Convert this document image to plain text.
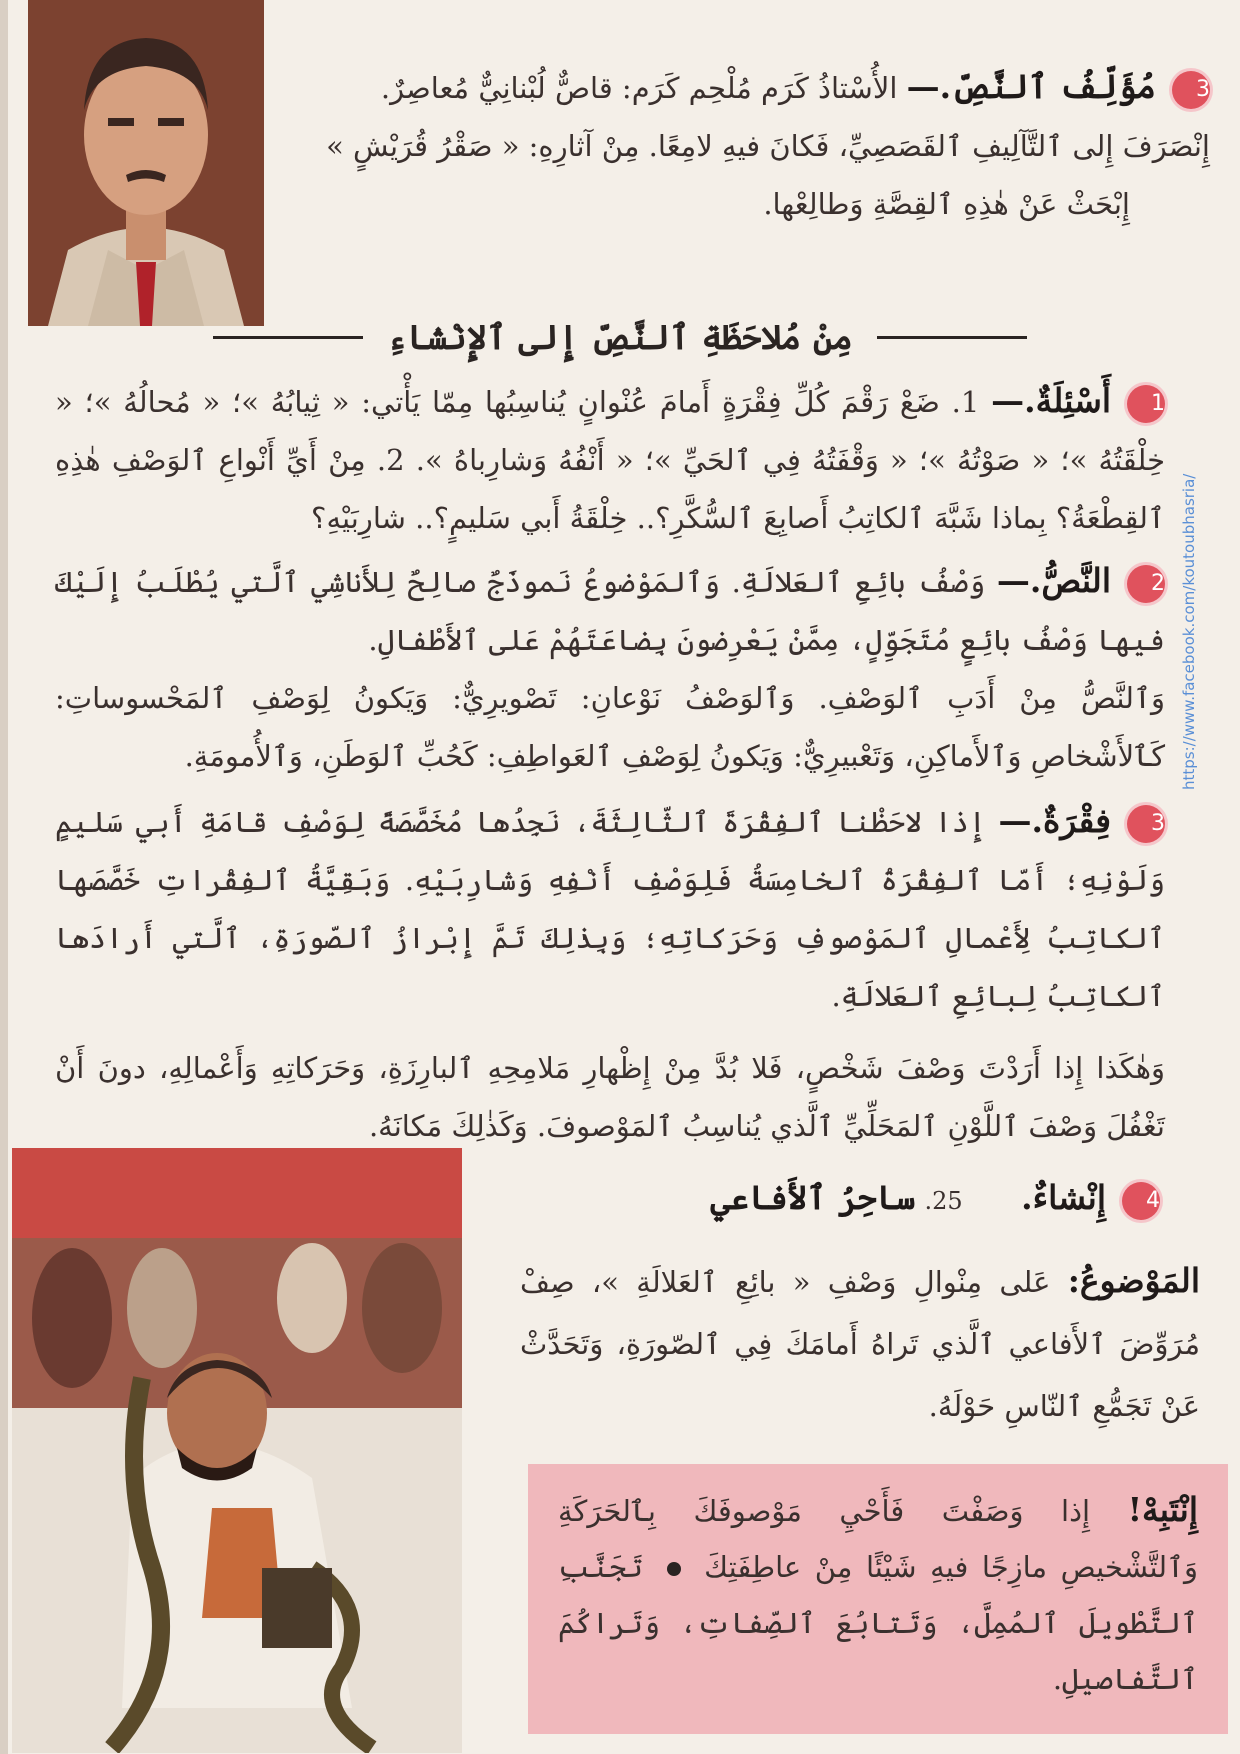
3مُؤَلِّفُ ٱلنَّصِّ.— الأُسْتاذُ كَرَم مُلْحِم كَرَم: قاصٌّ لُبْنانِيٌّ مُعاصِرٌ.
إِنْصَرَفَ إِلى ٱلتَّآلِيفِ ٱلقَصَصِيِّ، فَكانَ فيهِ لامِعًا. مِنْ آثارِهِ: « صَقْرُ قُرَيْشٍ »
إِبْحَثْ عَنْ هٰذِهِ ٱلقِصَّةِ وَطالِعْها.
مِنْ مُلاحَظَةِ ٱلنَّصِّ إِلى ٱلإِنْشاءِ
1أَسْئِلَةٌ.— 1. ضَعْ رَقْمَ كُلِّ فِقْرَةٍ أَمامَ عُنْوانٍ يُناسِبُها مِمّا يَأْتي: « ثِيابُهُ »؛ « مُحالُهُ »؛ « خِلْقَتُهُ »؛ « صَوْتُهُ »؛ « وَقْفَتُهُ فِي ٱلحَيِّ »؛ « أَنْفُهُ وَشارِباهُ ». 2. مِنْ أَيِّ أَنْواعِ ٱلوَصْفِ هٰذِهِ ٱلقِطْعَةُ؟ بِماذا شَبَّهَ ٱلكاتِبُ أَصابِعَ ٱلسُّكَّرِ؟.. خِلْقَةُ أَبي سَليمٍ؟.. شارِبَيْهِ؟
2النَّصُّ.— وَصْفُ بائِعِ ٱلعَلالَةِ. وَٱلمَوْضوعُ نَموذَجٌ صالِحٌ لِلأَناشِي ٱلَّتي يُطْلَبُ إِلَيْكَ فيها وَصْفُ بائِعٍ مُتَجَوِّلٍ، مِمَّنْ يَعْرِضونَ بِضاعَتَهُمْ عَلى ٱلأَطْفالِ.
وَٱلنَّصُّ مِنْ أَدَبِ ٱلوَصْفِ. وَٱلوَصْفُ نَوْعانِ: تَصْويرِيٌّ: وَيَكونُ لِوَصْفِ ٱلمَحْسوساتِ: كَٱلأَشْخاصِ وَٱلأَماكِنِ، وَتَعْبيرِيٌّ: وَيَكونُ لِوَصْفِ ٱلعَواطِفِ: كَحُبِّ ٱلوَطَنِ، وَٱلأُمومَةِ.
3فِقْرَةٌ.— إِذا لاحَظْنا ٱلفِقْرَةَ ٱلثّالِثَةَ، نَجِدُها مُخَصَّصَةً لِوَصْفِ قامَةِ أَبي سَليمٍ وَلَوْنِهِ؛ أَمّا ٱلفِقْرَةُ ٱلخامِسَةُ فَلِوَصْفِ أَنْفِهِ وَشارِبَيْهِ. وَبَقِيَّةُ ٱلفِقْراتِ خَصَّصَها ٱلكاتِبُ لِأَعْمالِ ٱلمَوْصوفِ وَحَرَكاتِهِ؛ وَبِذٰلِكَ تَمَّ إِبْرازُ ٱلصّورَةِ، ٱلَّتي أَرادَها ٱلكاتِبُ لِبائِعِ ٱلعَلالَةِ.
وَهٰكَذا إِذا أَرَدْتَ وَصْفَ شَخْصٍ، فَلا بُدَّ مِنْ إِظْهارِ مَلامِحِهِ ٱلبارِزَةِ، وَحَرَكاتِهِ وَأَعْمالِهِ، دونَ أَنْ تَغْفُلَ وَصْفَ ٱللَّوْنِ ٱلمَحَلِّيِّ ٱلَّذي يُناسِبُ ٱلمَوْصوفَ. وَكَذٰلِكَ مَكانَهُ.
https://www.facebook.com/koutoubhasria/
4إِنْشاءٌ.  25. ساحِرُ ٱلأَفاعي
المَوْضوعُ: عَلى مِنْوالِ وَصْفِ « بائِعِ ٱلعَلالَةِ »، صِفْ مُرَوِّضَ ٱلأَفاعي ٱلَّذي تَراهُ أَمامَكَ فِي ٱلصّورَةِ، وَتَحَدَّثْ عَنْ تَجَمُّعِ ٱلنّاسِ حَوْلَهُ.
إِنْتَبِهْ! إِذا وَصَفْتَ فَأَحْيِ مَوْصوفَكَ بِٱلحَرَكَةِ وَٱلتَّشْخيصِ مازِجًا فيهِ شَيْئًا مِنْ عاطِفَتِكَ  تَجَنَّبِ ٱلتَّطْويلَ ٱلمُمِلَّ، وَتَتابُعَ ٱلصِّفاتِ، وَتَراكُمَ ٱلتَّفاصيلِ.
